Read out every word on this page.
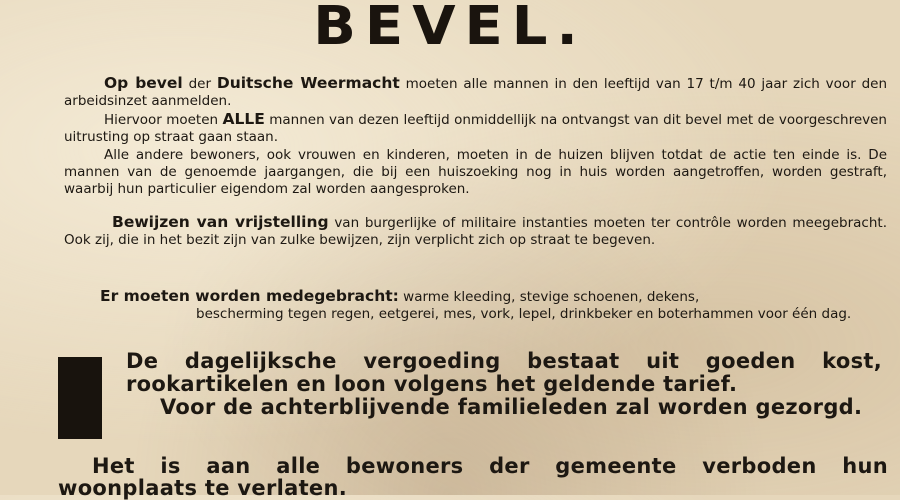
BEVEL.
Op bevel der Duitsche Weermacht moeten alle mannen in den leeftijd van 17 t/m 40 jaar zich voor den arbeidsinzet aanmelden.
Hiervoor moeten ALLE mannen van dezen leeftijd onmiddellijk na ontvangst van dit bevel met de voorgeschreven uitrusting op straat gaan staan.
Alle andere bewoners, ook vrouwen en kinderen, moeten in de huizen blijven totdat de actie ten einde is. De mannen van de genoemde jaargangen, die bij een huiszoeking nog in huis worden aangetroffen, worden gestraft, waarbij hun particulier eigendom zal worden aangesproken.
Bewijzen van vrijstelling van burgerlijke of militaire instanties moeten ter contrôle worden meegebracht. Ook zij, die in het bezit zijn van zulke bewijzen, zijn verplicht zich op straat te begeven.
Er moeten worden medegebracht: warme kleeding, stevige schoenen, dekens,
bescherming tegen regen, eetgerei, mes, vork, lepel, drinkbeker en boterhammen voor één dag.
De dagelijksche vergoeding bestaat uit goeden kost, rookartikelen en loon volgens het geldende tarief.
Voor de achterblijvende familieleden zal worden gezorgd.
Het is aan alle bewoners der gemeente verboden hun woonplaats te verlaten.
